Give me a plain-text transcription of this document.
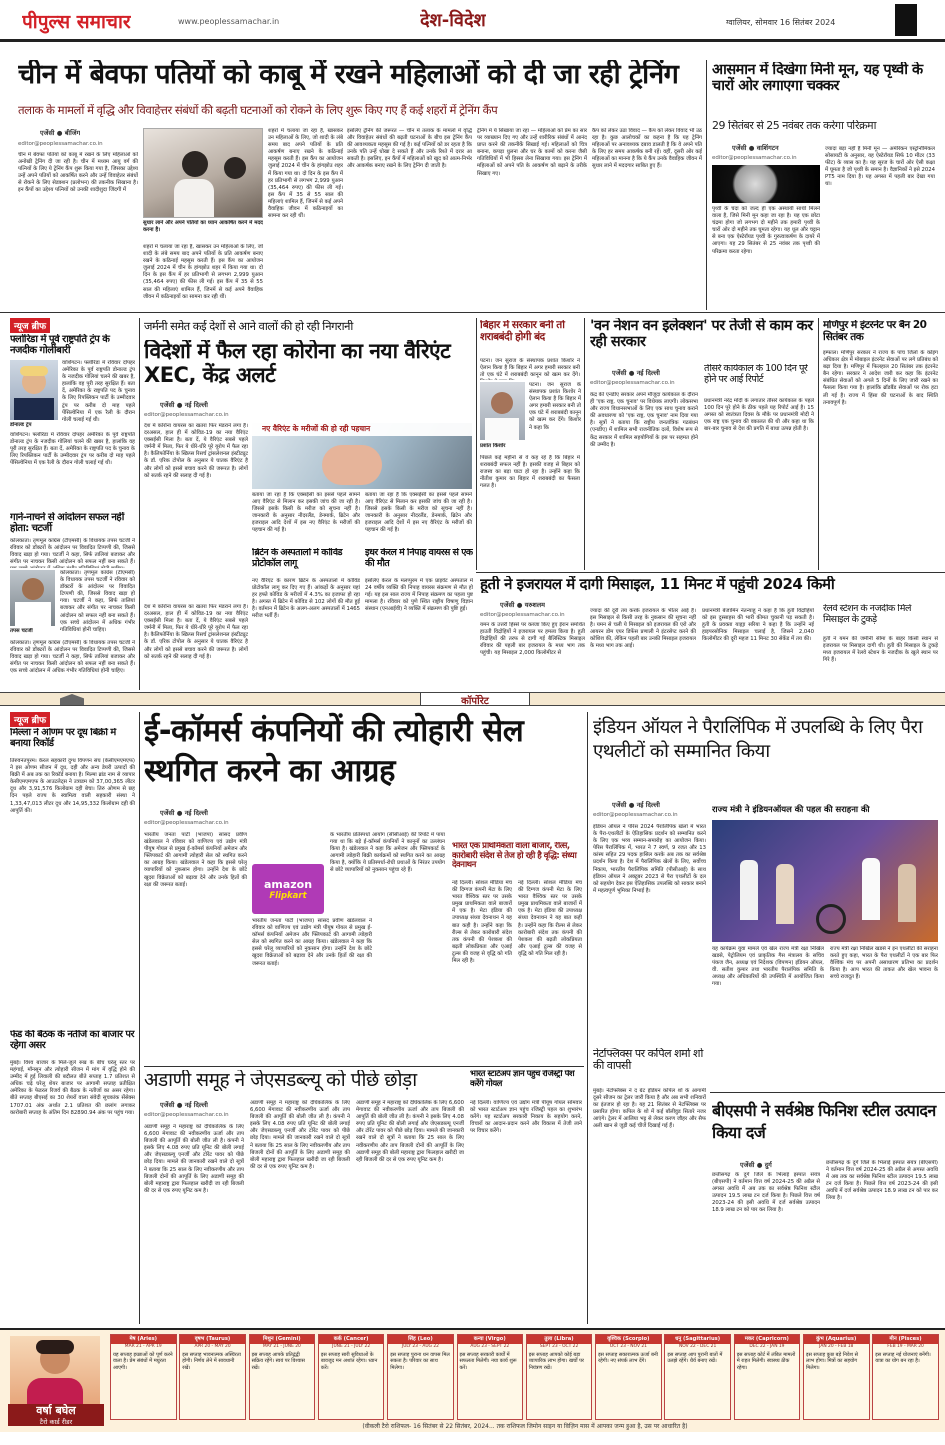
पीपुल्स समाचार	www.peoplessamachar.in	देश-विदेश	ग्वालियर, सोमवार 16 सितंबर 2024
चीन में बेवफा पतियों को काबू में रखने महिलाओं को दी जा रही ट्रेनिंग
तलाक के मामलों में वृद्धि और विवाहेत्तर संबंधों की बढ़ती घटनाओं को रोकने के लिए शुरू किए गए हैं कई शहरों में ट्रेनिंग कैंप
एजेंसी ● बीजिंग
editor@peoplessamachar.co.in
चीन में बेवफा पतियों को काबू में रखने के लिए महिलाओं को अनोखी ट्रेनिंग दी जा रही है। चीन में मध्यम आयु वर्ग की पत्नियों के लिए ये ट्रेनिंग कैंप शुरू किया गया है, जिसका उद्देश्य उन्हें अपने पतियों को आकर्षित करने और उन्हें विवाहेतर संबंधों से रोकने के लिए सेडक्शन (प्रलोभन) की तकनीक सिखाना है। इन कैंपों का उद्देश्य पत्नियों को उनकी शादीशुदा जिंदगी में
सुधार लाने और अपने पतियों का ध्यान आकर्षित करने में मदद करना है।
शहरों में चलाया जा रहा है, खासकर उन महिलाओं के लिए, जो शादी के लंबे समय बाद अपने पतियों के प्रति आकर्षण बनाए रखने के कठिनाई महसूस करती हैं। इस कैंप का आयोजन जुलाई 2024 में चीन के हांगझोउ शहर में किया गया था। दो दिन के इस कैंप में हर प्रतिभागी से लगभग 2,999 युआन (35,464 रुपए) की फीस ली गई। इस कैंप में 35 से 55 साल की महिलाएं शामिल हैं, जिनमें से कई अपने वैवाहिक जीवन में कठिनाइयों का सामना कर रही थीं।
शहरों में चलाया जा रहा है, खासकर उन महिलाओं के लिए, जो शादी के लंबे समय बाद अपने पतियों के प्रति आकर्षण बनाए रखने के कठिनाई महसूस करती हैं। इस कैंप का आयोजन जुलाई 2024 में चीन के हांगझोउ शहर में किया गया था। दो दिन के इस कैंप में हर प्रतिभागी से लगभग 2,999 युआन (35,464 रुपए) की फीस ली गई। इस कैंप में 35 से 55 साल की महिलाएं शामिल हैं, जिनमें से कई अपने वैवाहिक जीवन में कठिनाइयों का सामना कर रही थीं।
इसलिए ट्रेनिंग की जरूरत — चीन में तलाक के मामलों में वृद्धि और विवाहेतर संबंधों की बढ़ती घटनाओं के बीच इस ट्रेनिंग कैंप की आवश्यकता महसूस की गई है। कई पत्नियों को डर रहता है कि उनके पति उन्हें धोखा दे सकते हैं और उनके रिश्ते में दरार आ सकती है। इसलिए, इन कैंपों में महिलाओं को खुद को आत्म-निर्भर और आकर्षक बनाए रखने के लिए ट्रेनिंग दी जाती है।
ट्रेनिंग में ये सिखाया जा रहा — महिलाओं को प्रेम का सार पर व्याख्यान दिए गए और उन्हें शारीरिक संबंधों में आनंद प्राप्त करने की तकनीकें सिखाई गईं। महिलाओं को चित्र बनाना, कपड़ा धुलना और घर के कामों को करना जैसी गतिविधियों में भी हिस्सा लेना सिखाया गया। इस ट्रेनिंग में महिलाओं को अपने पति के आकर्षण को बढ़ाने के तरीके सिखाए गए।
कैंप को लेकर उठा विवाद — कैंप को लेकर विवाद भी उठ रहा है। कुछ आलोचकों का कहना है कि यह ट्रेनिंग महिलाओं पर अनावश्यक दबाव डालती है कि वे अपने पति के लिए हर समय आकर्षक बनी रहें। वहीं, दूसरी ओर कई महिलाओं का मानना है कि ये कैंप उनके वैवाहिक जीवन में सुधार लाने में मददगार साबित हुए हैं।
आसमान में दिखेगा मिनी मून, यह पृथ्वी के चारों ओर लगाएगा चक्कर
29 सितंबर से 25 नवंबर तक करेगा परिक्रमा
एजेंसी ● वाशिंगटन
editor@peoplessamachar.co.in
पृथ्वी के चंदा को जल्द ही एक अस्थायी साथी मिलने वाला है, जिसे मिनी मून कहा जा रहा है। यह एक छोटा चंद्रमा होगा जो लगभग दो महीने तक हमारी पृथ्वी के चारों ओर दो महीने तक घूमता रहेगा। यह धूल और चट्टान से बना एक ऐस्टेरॉयड पृथ्वी के गुरुत्वाकर्षण के दायरे में आएगा। यह 29 सितंबर से 25 नवंबर तक पृथ्वी की परिक्रमा करता रहेगा।
ज्यादा बड़ा नहीं है मिनी मून — अमेरिकन एस्ट्रोनॉमिकल सोसायटी के अनुसार, यह ऐस्टेरॉयड सिर्फ 10 मीटर (33 फीट) के व्यास का है। यह सूरज के चारों ओर ऐसी कक्षा में घूमता है जो पृथ्वी के समान है। वैज्ञानिकों ने इसे 2024 PT5 नाम दिया है। यह अगस्त में पहली बार देखा गया था।
न्यूज ब्रीफ
फ्लोरिडा में पूर्व राष्ट्रपति ट्रंप के नजदीक गोलीबारी
डोनाल्ड ट्रंप
वाशिंगटन। फ्लोरिडा में रविवार दोपहर अमेरिका के पूर्व राष्ट्रपति डोनाल्ड ट्रंप के नजदीक गोलियां चलने की खबर है, हालांकि वह पूरी तरह सुरक्षित हैं। बता दें, अमेरिका के राष्ट्रपति पद के चुनाव के लिए रिपब्लिकन पार्टी के उम्मीदवार ट्रंप पर करीब दो माह पहले पेंसिल्वेनिया में एक रैली के दौरान गोली चलाई गई थी।
वाशिंगटन। फ्लोरिडा में रविवार दोपहर अमेरिका के पूर्व राष्ट्रपति डोनाल्ड ट्रंप के नजदीक गोलियां चलने की खबर है, हालांकि वह पूरी तरह सुरक्षित हैं। बता दें, अमेरिका के राष्ट्रपति पद के चुनाव के लिए रिपब्लिकन पार्टी के उम्मीदवार ट्रंप पर करीब दो माह पहले पेंसिल्वेनिया में एक रैली के दौरान गोली चलाई गई थी।
गाने-नाचने से आंदोलन सफल नहीं होता: चटर्जी
तपस चटर्जी
कोलकाता। तृणमूल कांग्रेस (टीएमसी) के विधायक तपस चटर्जी ने रविवार को डॉक्टरों के आंदोलन पर विवादित टिप्पणी की, जिससे विवाद खड़ा हो गया। चटर्जी ने कहा, सिर्फ तालियां बजाकर और संगीत पर नाचकर किसी आंदोलन को सफल नहीं बना सकते हैं।
कोलकाता। तृणमूल कांग्रेस (टीएमसी) के विधायक तपस चटर्जी ने रविवार को डॉक्टरों के आंदोलन पर विवादित टिप्पणी की, जिससे विवाद खड़ा हो गया। चटर्जी ने कहा, सिर्फ तालियां बजाकर और संगीत पर नाचकर किसी आंदोलन को सफल नहीं बना सकते हैं। एक सच्चे आंदोलन में अधिक गंभीर गतिविधियां होनी चाहिए।
कोलकाता। तृणमूल कांग्रेस (टीएमसी) के विधायक तपस चटर्जी ने रविवार को डॉक्टरों के आंदोलन पर विवादित टिप्पणी की, जिससे विवाद खड़ा हो गया। चटर्जी ने कहा, सिर्फ तालियां बजाकर और संगीत पर नाचकर किसी आंदोलन को सफल नहीं बना सकते हैं। एक सच्चे आंदोलन में अधिक गंभीर गतिविधियां होनी चाहिए।
जर्मनी समेत कई देशों से आने वालों की हो रही निगरानी
विदेशों में फैल रहा कोरोना का नया वैरिएंट XEC, केंद्र अलर्ट
एजेंसी ● नई दिल्ली
editor@peoplessamachar.co.in
नए वैरिएंट के मरीजों की हो रही पहचान
देश में कोरोना वायरस का खतरा फिर मंडराने लगा है। दरअसल, हाल ही में कोविड-19 का नया वैरिएंट एक्सईसी मिला है। बता दें, ये वैरिएंट सबसे पहले जर्मनी में मिला, फिर ये धीरे-धीरे पूरे यूरोप में फैल रहा है। कैलिफोर्निया के स्क्रिप्स रिसर्च ट्रांसलेशनल इंस्टीट्यूट के डॉ. एरिक टोपोल के अनुसार ये घातक वैरिएंट है और लोगों को इससे बचाव करने की जरूरत है। लोगों को सतर्क रहने की सलाह दी गई है।
देश में कोरोना वायरस का खतरा फिर मंडराने लगा है। दरअसल, हाल ही में कोविड-19 का नया वैरिएंट एक्सईसी मिला है। बता दें, ये वैरिएंट सबसे पहले जर्मनी में मिला, फिर ये धीरे-धीरे पूरे यूरोप में फैल रहा है। कैलिफोर्निया के स्क्रिप्स रिसर्च ट्रांसलेशनल इंस्टीट्यूट के डॉ. एरिक टोपोल के अनुसार ये घातक वैरिएंट है और लोगों को इससे बचाव करने की जरूरत है। लोगों को सतर्क रहने की सलाह दी गई है।
बताया जा रहा है कि एक्सईसी का इससे पहले सामने आए वैरिएंट से मिलान कर इसकी जांच की जा रही है। जिससे इसके किसी के मरीज को सूचना नहीं है। जानकारी के अनुसार नीदरलैंड, डेनमार्क, ब्रिटेन और इजराइल आदि देशों में इस नए वैरिएंट के मरीजों की पहचान की गई है।
बताया जा रहा है कि एक्सईसी का इससे पहले सामने आए वैरिएंट से मिलान कर इसकी जांच की जा रही है। जिससे इसके किसी के मरीज को सूचना नहीं है। जानकारी के अनुसार नीदरलैंड, डेनमार्क, ब्रिटेन और इजराइल आदि देशों में इस नए वैरिएंट के मरीजों की पहचान की गई है।
ब्रिटेन के अस्पतालों में कोविड प्रोटोकॉल लागू
नए वैरिएंट के कारण ब्रिटेन के अस्पतालों में कोविड प्रोटोकॉल लागू कर दिए गए हैं। आंकड़ों के अनुसार यहां हर हफ्ते कोविड के मरीजों में 4.3% का इजाफा हो रहा है। अगस्त में ब्रिटेन में कोविड से 102 लोगों की मौत हुई है। वर्तमान में ब्रिटेन के अलग-अलग अस्पतालों में 1465 मरीज भर्ती हैं।
इधर केरल में निपाह वायरस से एक की मौत
इसलिए केरल के मलप्पुरम में एक प्राइवेट अस्पताल में 24 वर्षीय व्यक्ति की निपाह वायरस संक्रमण से मौत हो गई। यह इस साल राज्य में निपाह संक्रमण का पहला पुष्ट मामला है। रविवार को पुणे स्थित राष्ट्रीय विषाणु विज्ञान संस्थान (एनआईवी) ने व्यक्ति में संक्रमण की पुष्टि हुई।
बिहार में सरकार बनी तो शराबबंदी होगी बंद
पटना। जन सुराज के संस्थापक प्रशांत किशोर ने ऐलान किया है कि बिहार में अगर हमारी सरकार बनी तो एक घंटे में शराबबंदी कानून को खत्म कर देंगे।
प्रशांत किशोर
पटना। जन सुराज के संस्थापक प्रशांत किशोर ने ऐलान किया है कि बिहार में अगर हमारी सरकार बनी तो एक घंटे में शराबबंदी कानून को खत्म कर देंगे। किशोर ने कहा कि
पिछले कई महीनों से वे कह रहे हैं कि बिहार में शराबबंदी सफल नहीं है। इसकी वजह से बिहार को राजस्व का बड़ा घाटा हो रहा है। उन्होंने कहा कि नीतीश कुमार का बिहार में शराबबंदी का फैसला गलत है।
'वन नेशन वन इलेक्शन' पर तेजी से काम कर रही सरकार
एजेंसी ● नई दिल्ली
editor@peoplessamachar.co.in
केंद्र की एनडीए सरकार अपने मौजूदा कार्यकाल के दौरान ही 'एक राष्ट्र, एक चुनाव' पर विधेयक लाएगी। लोकसभा और राज्य विधानसभाओं के लिए एक साथ चुनाव कराने की अवधारणा को 'एक राष्ट्र, एक चुनाव' नाम दिया गया है। सूत्रों ने बताया कि राष्ट्रीय जनतांत्रिक गठबंधन (एनडीए) में शामिल सभी राजनीतिक दलों, विशेष रूप से केंद्र सरकार में शामिल सहयोगियों के इस पर सहमत होने की उम्मीद है।
तीसरे कार्यकाल के 100 दिन पूरे होने पर आई रिपोर्ट
प्रधानमंत्री नरेंद्र मोदी के लगातार तीसरे कार्यकाल के पहले 100 दिन पूरे होने के ठीक पहले यह रिपोर्ट आई है। 15 अगस्त को स्वतंत्रता दिवस के मौके पर प्रधानमंत्री मोदी ने एक राष्ट्र एक चुनाव की वकालत की थी और कहा था कि बार-बार चुनाव से देश की प्रगति में बाधा उत्पन्न होती है।
मणिपुर में इंटरनेट पर बैन 20 सितंबर तक
इम्फाल। मणिपुर सरकार ने राज्य के पांच जिलों के कोइंग अधिकार क्षेत्र में मोबाइल इंटरनेट सेवाओं पर लगे प्रतिबंध को बढ़ा दिया है। मणिपुर में फिलहाल 20 सितंबर तक इंटरनेट बैन रहेगा। सरकार ने आदेश जारी कर कहा कि इंटरनेट संबंधित सेवाओं को अगले 5 दिनों के लिए जारी रखने का फैसला किया गया है। हालांकि ब्रॉडबैंड सेवाओं पर रोक हटा ली गई है। राज्य में हिंसा की घटनाओं के बाद स्थिति तनावपूर्ण है।
हूती ने इजरायल में दागी मिसाइल, 11 मिनट में पहुंची 2024 किमी
एजेंसी ● यरुशलम
editor@peoplessamachar.co.in
यमन के उत्तरी हिस्से पर कब्जा किए हुए ईरान समर्थित हाउती विद्रोहियों ने इजरायल पर हमला किया है। हूती विद्रोहियों की तरफ से दागी गई बैलिस्टिक मिसाइल रविवार की पहली बार इजरायल के मध्य भाग तक पहुंची। यह मिसाइल 2,000 किलोमीटर से
ज्यादा की दूरी तय करके इजरायल के भीतर आई है। इस मिसाइल से किसी तरह के नुकसान की सूचना नहीं है। यमन से चली ये मिसाइल को इजरायल की एरो और आयरन डोम एयर डिफेंस प्रणाली ने इंटरसेप्ट करने की कोशिश की, लेकिन पहली बार उनकी मिसाइल इजरायल के मध्य भाग तक आई।
प्रधानमंत्री बेंजामिन नेतन्याहू ने कहा है कि हूती विद्रोहियों को इस दुस्साहस की भारी कीमत चुकानी पड़ सकती है। हूती के प्रवक्ता याह्या सरिया ने कहा है कि उन्होंने नई हाइपरसोनिक मिसाइल चलाई है, जिसने 2,040 किलोमीटर की दूरी महज 11 मिनट 30 सेकेंड में तय की।
रेलवे स्टेशन के नजदीक मिले मिसाइल के टुकड़े
हूती ने यमन की जमीनी सीमा के बाहर किसी स्थान से इजरायल पर मिसाइल दागी थी। हूती की मिसाइल के टुकड़े मध्य इजरायल में रेलवे स्टेशन के नजदीक के खुले स्थान पर गिरे हैं।
कॉर्पोरेट
न्यूज ब्रीफ
मिल्ला ने ओणम पर दूध बिक्री में बनाया रिकॉर्ड
तिरुवनंतपुरम। केरल सहकारी दुग्ध विपणन संघ (केसीएमएमएफ) ने इस ओणम सीजन में दूध, दही और अन्य डेयरी उत्पादों की बिक्री में अब तक का रिकॉर्ड बनाया है। मिल्मा ब्रांड नाम से व्यापार केसीएमएमएफ के आउटलेट्स ने उत्राडम को 37,00,365 लीटर दूध और 3,91,576 किलोग्राम दही बेचा। तिरु ओणम से छह दिन पहले राज्य के स्वामित्व वाली सहकारी संस्था ने 1,33,47,013 लीटर दूध और 14,95,332 किलोग्राम दही की आपूर्ति की।
फेड की बैठक के नतीजे का बाजार पर रहेगा असर
मुंबई। विश्व बाजार के मिले-जुले रुख के बीच घरेलू स्तर पर महंगाई, मॉनसून और त्योहारी सीजन में मांग में वृद्धि होने की उम्मीद में हुई लिवाली की बदौलत बीते सप्ताह 1.7 प्रतिशत से अधिक चढ़े घरेलू शेयर बाजार पर आगामी सप्ताह प्रतीक्षित अमेरिका के फेडरल रिजर्व की बैठक के नतीजों का असर रहेगा। बीते सप्ताह बीएसई का 30 शेयरों वाला संवेदी सूचकांक सेंसेक्स 1707.01 अंक अर्थात 2.1 प्रतिशत की छलांग लगाकर कारोबारी सप्ताह के अंतिम दिन 82890.94 अंक पर पहुंच गया।
ई-कॉमर्स कंपनियों की त्योहारी सेल स्थगित करने का आग्रह
एजेंसी ● नई दिल्ली
editor@peoplessamachar.co.in
amazon
Flipkart
भारतीय जनता पार्टी (भाजपा) सांसद प्रवीण खंडेलवाल ने रविवार को वाणिज्य एवं उद्योग मंत्री पीयूष गोयल से प्रमुख ई-कॉमर्स कंपनियों अमेजन और फ्लिपकार्ट की आगामी त्योहारी सेल को स्थगित करने का आग्रह किया। खंडेलवाल ने कहा कि इससे घरेलू व्यापारियों को नुकसान होगा। उन्होंने देश के छोटे खुदरा विक्रेताओं को बढ़ावा देने और उनके हितों की रक्षा की जरूरत बताई।
भारतीय जनता पार्टी (भाजपा) सांसद प्रवीण खंडेलवाल ने रविवार को वाणिज्य एवं उद्योग मंत्री पीयूष गोयल से प्रमुख ई-कॉमर्स कंपनियों अमेजन और फ्लिपकार्ट की आगामी त्योहारी सेल को स्थगित करने का आग्रह किया। खंडेलवाल ने कहा कि इससे घरेलू व्यापारियों को नुकसान होगा। उन्होंने देश के छोटे खुदरा विक्रेताओं को बढ़ावा देने और उनके हितों की रक्षा की जरूरत बताई।
के भारतीय प्रतिस्पर्धा आयोग (सीसीआई) की रिपोर्ट में पाया गया था कि बड़े ई-कॉमर्स कंपनियों ने कानूनों का उल्लंघन किया है। खंडेलवाल ने कहा कि अमेजन और फ्लिपकार्ट के आगामी त्योहारी बिक्री कार्यक्रमों को स्थगित करने का आग्रह किया है, क्योंकि ये प्रतिस्पर्धा-रोधी प्रथाओं के निरंतर उपयोग से छोटे व्यापारियों को नुकसान पहुंचा रहे हैं।
भारत एक प्राथमिकता वाला बाजार, रीत्स, कारोबारी संदेश से तेज हो रही है वृद्धि: संध्या देवनाथन
नई दिल्ली। सोशल मीडिया मंच की दिग्गज कंपनी मेटा के लिए भारत वैश्विक स्तर पर उसके प्रमुख प्राथमिकता वाले बाजारों में एक है। मेटा इंडिया की उपाध्यक्ष संध्या देवनाथन ने यह बात कही है। उन्होंने कहा कि रील्स से लेकर कारोबारी संदेश तक कंपनी की पेशकश की बढ़ती लोकप्रियता और एआई टूल्स की वजह से वृद्धि को गति मिल रही है।
नई दिल्ली। सोशल मीडिया मंच की दिग्गज कंपनी मेटा के लिए भारत वैश्विक स्तर पर उसके प्रमुख प्राथमिकता वाले बाजारों में एक है। मेटा इंडिया की उपाध्यक्ष संध्या देवनाथन ने यह बात कही है। उन्होंने कहा कि रील्स से लेकर कारोबारी संदेश तक कंपनी की पेशकश की बढ़ती लोकप्रियता और एआई टूल्स की वजह से वृद्धि को गति मिल रही है।
अडाणी समूह ने जेएसडब्ल्यू को पीछे छोड़ा
एजेंसी ● नई दिल्ली
editor@peoplessamachar.co.in
अडाणी समूह ने महाराष्ट्र को दीर्घकालिक के लिए 6,600 मेगावाट की नवीकरणीय ऊर्जा और ताप बिजली की आपूर्ति की बोली जीत ली है। कंपनी ने इसके लिए 4.08 रुपए प्रति यूनिट की बोली लगाई और जेएसडब्ल्यू एनर्जी और टोरेंट पावर को पीछे छोड़ दिया। मामले की जानकारी रखने वाले दो सूत्रों ने बताया कि 25 साल के लिए नवीकरणीय और ताप बिजली दोनों की आपूर्ति के लिए अडाणी समूह की बोली महाराष्ट्र द्वारा फिलहाल खरीदी जा रही बिजली की दर से एक रुपए यूनिट कम है।
अडाणी समूह ने महाराष्ट्र को दीर्घकालिक के लिए 6,600 मेगावाट की नवीकरणीय ऊर्जा और ताप बिजली की आपूर्ति की बोली जीत ली है। कंपनी ने इसके लिए 4.08 रुपए प्रति यूनिट की बोली लगाई और जेएसडब्ल्यू एनर्जी और टोरेंट पावर को पीछे छोड़ दिया। मामले की जानकारी रखने वाले दो सूत्रों ने बताया कि 25 साल के लिए नवीकरणीय और ताप बिजली दोनों की आपूर्ति के लिए अडाणी समूह की बोली महाराष्ट्र द्वारा फिलहाल खरीदी जा रही बिजली की दर से एक रुपए यूनिट कम है।
अडाणी समूह ने महाराष्ट्र को दीर्घकालिक के लिए 6,600 मेगावाट की नवीकरणीय ऊर्जा और ताप बिजली की आपूर्ति की बोली जीत ली है। कंपनी ने इसके लिए 4.08 रुपए प्रति यूनिट की बोली लगाई और जेएसडब्ल्यू एनर्जी और टोरेंट पावर को पीछे छोड़ दिया। मामले की जानकारी रखने वाले दो सूत्रों ने बताया कि 25 साल के लिए नवीकरणीय और ताप बिजली दोनों की आपूर्ति के लिए अडाणी समूह की बोली महाराष्ट्र द्वारा फिलहाल खरीदी जा रही बिजली की दर से एक रुपए यूनिट कम है।
भारत स्टार्टअप ज्ञान पहुंच रजिस्ट्री पेश करेंगे गोयल
नई दिल्ली। वाणिज्य एवं उद्योग मंत्री पीयूष गोयल सोमवार को भारत स्टार्टअप ज्ञान पहुंच रजिस्ट्री पहल का शुभारंभ करेंगे। यह स्टार्टअप सरकारी निकाय के सहयोग करने, विचारों का आदान-प्रदान करने और विकास में तेजी लाने पर विचार करेंगे।
इंडियन ऑयल ने पैरालिंपिक में उपलब्धि के लिए पैरा एथलीटों को सम्मानित किया
एजेंसी ● नई दिल्ली
editor@peoplessamachar.co.in
राज्य मंत्री ने इंडियनऑयल की पहल की सराहना की
इंडियन ऑयल ने पेरिस 2024 पैरालिंपिक खेलों में भारत के पैरा-एथलीटों के ऐतिहासिक प्रदर्शन को सम्मानित करने के लिए एक भव्य सम्मान-समारोह का आयोजन किया। पेरिस पैरालिंपिक में, भारत ने 7 स्वर्ण, 9 रजत और 13 कांस्य सहित 29 पदक हासिल करके अब तक का सर्वश्रेष्ठ प्रदर्शन किया है। देश में पैरालिंपिक खेलों के लिए, सर्वोच्च निकाय, भारतीय पैरालिंपिक समिति (पीसीआई) के साथ इंडियन ऑयल ने अक्टूबर 2023 से पैरा एथलीटों के दल को सहयोग देकर इस ऐतिहासिक उपलब्धि को साकार बनाने में महत्वपूर्ण भूमिका निभाई है।
यह कार्यक्रम युवा मामले एवं खेल राज्य मंत्री रक्षा निखिल खडसे, पेट्रोलियम एवं प्राकृतिक गैस मंत्रालय के सचिव पंकज जैन, अध्यक्ष एवं निदेशक (विपणन) इंडियन ऑयल, वी. सतीश कुमार तथा भारतीय पैरालंपिक समिति के अध्यक्ष और अधिकारियों की उपस्थिति में आयोजित किया गया।
राज्य मंत्री रक्षा निखिल खडसे ने इन एथलीटों की सराहना करते हुए कहा, भारत के पैरा एथलीटों ने एक बार फिर वैश्विक मंच पर अपनी असाधारण प्रतिभा का प्रदर्शन किया है। आप भारत की ताकत और खेल भावना के सच्चे राजदूत हैं।
नेटफ्लिक्स पर कपिल शर्मा शो की वापसी
मुंबई। नेटफ्लिक्स ने द ग्रेट इंडियन कपिल शो के आगामी दूसरे सीजन का ट्रेलर जारी किया है और अब सभी शनिवारों का इंतजार हो रहा है। यह 21 सितंबर से नेटफ्लिक्स पर प्रसारित होगा। कपिल के शो में कई बॉलीवुड सितारे नजर आएंगे। ट्रेलर में आलिया भट्ट से लेकर करण जौहर और सैफ अली खान से जुड़ी कई चीजें दिखाई गई हैं।
बीएसपी ने सर्वश्रेष्ठ फिनिश स्टील उत्पादन किया दर्ज
एजेंसी ● दुर्ग
छत्तीसगढ़ के दुर्ग जिले के भिलाई इस्पात संयंत्र (बीएसपी) ने वर्तमान वित्त वर्ष 2024-25 की अप्रैल से अगस्त अवधि में अब तक का सर्वश्रेष्ठ फिनिश स्टील उत्पादन 19.5 लाख टन दर्ज किया है। पिछले वित्त वर्ष 2023-24 की इसी अवधि में दर्ज सर्वश्रेष्ठ उत्पादन 18.9 लाख टन को पार कर लिया है।
छत्तीसगढ़ के दुर्ग जिले के भिलाई इस्पात संयंत्र (बीएसपी) ने वर्तमान वित्त वर्ष 2024-25 की अप्रैल से अगस्त अवधि में अब तक का सर्वश्रेष्ठ फिनिश स्टील उत्पादन 19.5 लाख टन दर्ज किया है। पिछले वित्त वर्ष 2023-24 की इसी अवधि में दर्ज सर्वश्रेष्ठ उत्पादन 18.9 लाख टन को पार कर लिया है।
वर्षा बघेल
टैरो कार्ड रीडर
मेष (Aries)
MAR 21 - APR 19
यह सप्ताह इच्छाओं को पूर्ण करने वाला है। प्रेम संबंधों में मधुरता आएगी।
वृषभ (Taurus)
APR 20 - MAY 20
इस सप्ताह भावनात्मक अस्थिरता होगी। निर्णय लेने में सावधानी रखें।
मिथुन (Gemini)
MAY 21 - JUNE 20
इस सप्ताह आपके प्रतिद्वंद्वी सक्रिय रहेंगे। स्वयं पर विश्वास रखें।
कर्क (Cancer)
JUNE 21 - JULY 22
इस सप्ताह सारी सुविधाओं के बावजूद मन अशांत रहेगा। ध्यान करें।
सिंह (Leo)
JULY 23 - AUG 22
इस सप्ताह पुराना धन वापस मिल सकता है। परिवार का साथ मिलेगा।
कन्या (Virgo)
AUG 23 - SEPT 22
इस सप्ताह सरकारी कार्यों में सफलता मिलेगी। नया कार्य शुरू करें।
तुला (Libra)
SEPT 23 - OCT 22
इस सप्ताह आपको कोई बड़ा व्यापारिक लाभ होगा। खर्चों पर नियंत्रण रखें।
वृश्चिक (Scorpio)
OCT 23 - NOV 21
इस सप्ताह सकारात्मक ऊर्जा बनी रहेगी। नए संपर्क लाभ देंगे।
धनु (Sagittarius)
NOV 22 - DEC 21
इस सप्ताह आप पुरानी बातों में उलझे रहेंगे। धैर्य बनाए रखें।
मकर (Capricorn)
DEC 22 - JAN 19
इस सप्ताह कोर्ट में लंबित मामलों में राहत मिलेगी। स्वास्थ्य ठीक रहेगा।
कुंभ (Aquarius)
JAN 20 - FEB 18
इस सप्ताह कुछ बड़े निवेश से लाभ होगा। मित्रों का सहयोग मिलेगा।
मीन (Pisces)
FEB 19 - MAR 20
इस सप्ताह नई योजनाएं बनेंगी। यात्रा का योग बन रहा है।
(वीकली टैरो राशिफल- 16 सितंबर से 22 सितंबर, 2024... तक राशिफल जिमोन साइन या विज़िन मास में आपका जन्म हुआ है, उस पर आधारित है)
